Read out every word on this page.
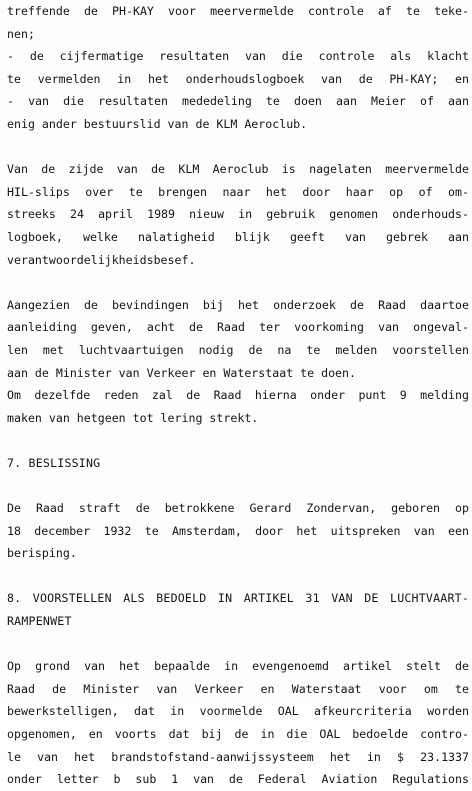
treffende de PH-KAY voor meervermelde controle af te teke-
nen;
- de cijfermatige resultaten van die controle als klacht
te vermelden in het onderhoudslogboek van de PH-KAY; en
- van die resultaten mededeling te doen aan Meier of aan
enig ander bestuurslid van de KLM Aeroclub.
Van de zijde van de KLM Aeroclub is nagelaten meervermelde
HIL-slips over te brengen naar het door haar op of om-
streeks 24 april 1989 nieuw in gebruik genomen onderhouds-
logboek, welke nalatigheid blijk geeft van gebrek aan
verantwoordelijkheidsbesef.
Aangezien de bevindingen bij het onderzoek de Raad daartoe
aanleiding geven, acht de Raad ter voorkoming van ongeval-
len met luchtvaartuigen nodig de na te melden voorstellen
aan de Minister van Verkeer en Waterstaat te doen.
Om dezelfde reden zal de Raad hierna onder punt 9 melding
maken van hetgeen tot lering strekt.
7. BESLISSING
De Raad straft de betrokkene Gerard Zondervan, geboren op
18 december 1932 te Amsterdam, door het uitspreken van een
berisping.
8. VOORSTELLEN ALS BEDOELD IN ARTIKEL 31 VAN DE LUCHTVAART-
RAMPENWET
Op grond van het bepaalde in evengenoemd artikel stelt de
Raad de Minister van Verkeer en Waterstaat voor om te
bewerkstelligen, dat in voormelde OAL afkeurcriteria worden
opgenomen, en voorts dat bij de in die OAL bedoelde contro-
le van het brandstofstand-aanwijssysteem het in $ 23.1337
onder letter b sub 1 van de Federal Aviation Regulations
